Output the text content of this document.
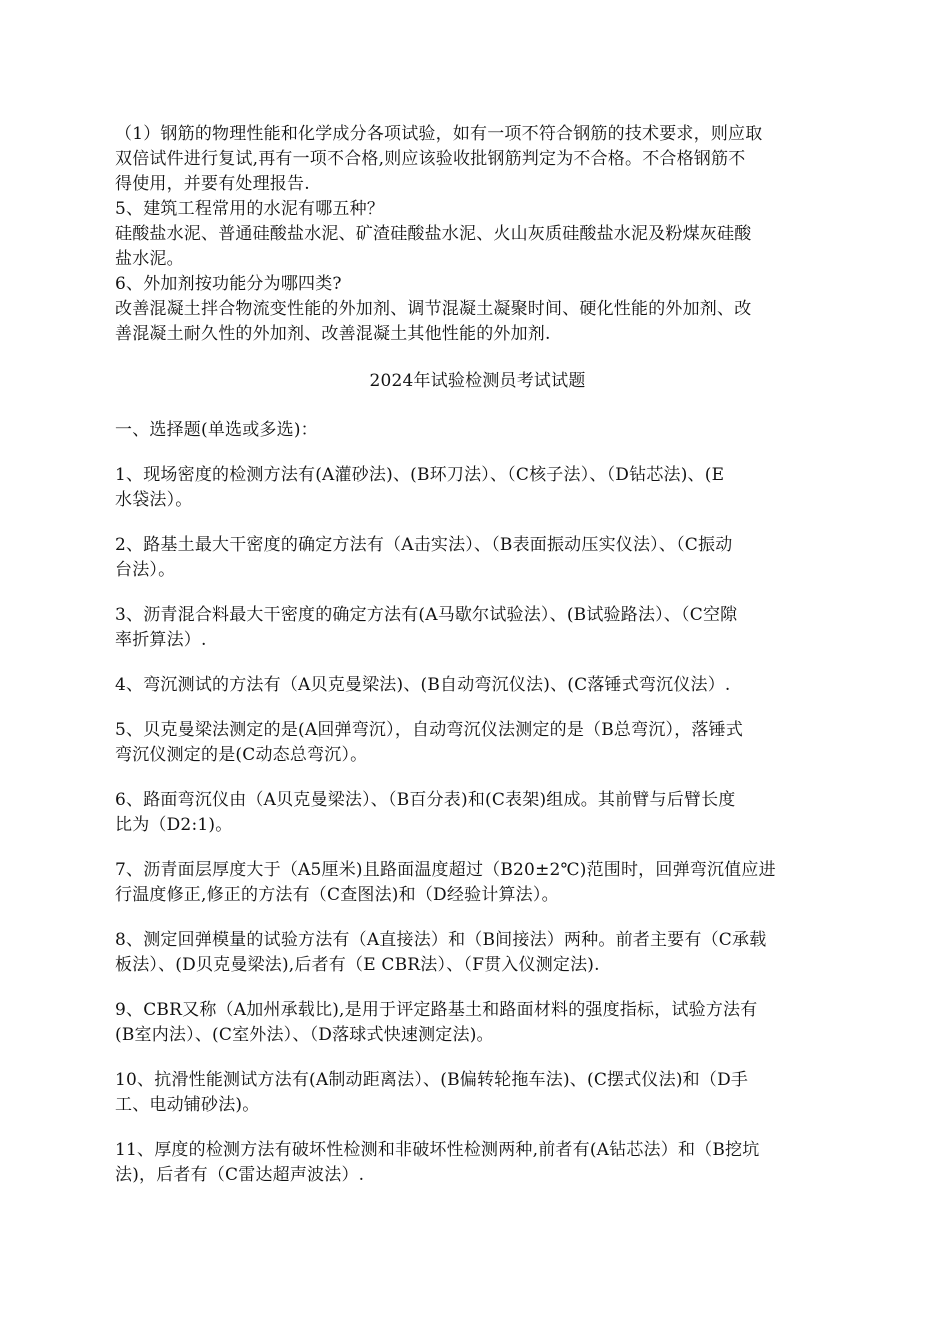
（1）钢筋的物理性能和化学成分各项试验，如有一项不符合钢筋的技术要求，则应取

双倍试件进行复试,再有一项不合格,则应该验收批钢筋判定为不合格。不合格钢筋不

得使用，并要有处理报告.

5、建筑工程常用的水泥有哪五种？

硅酸盐水泥、普通硅酸盐水泥、矿渣硅酸盐水泥、火山灰质硅酸盐水泥及粉煤灰硅酸

盐水泥。

6、外加剂按功能分为哪四类?

改善混凝土拌合物流变性能的外加剂、调节混凝土凝聚时间、硬化性能的外加剂、改

善混凝土耐久性的外加剂、改善混凝土其他性能的外加剂.

2024年试验检测员考试试题

一、选择题(单选或多选)：

1、现场密度的检测方法有(A灌砂法)、(B环刀法）、（C核子法）、（D钻芯法)、(E

水袋法）。

2、路基土最大干密度的确定方法有（A击实法）、（B表面振动压实仪法）、（C振动

台法）。

3、沥青混合料最大干密度的确定方法有(A马歇尔试验法）、(B试验路法）、（C空隙

率折算法）.

4、弯沉测试的方法有（A贝克曼梁法)、(B自动弯沉仪法)、(C落锤式弯沉仪法）.

5、贝克曼梁法测定的是(A回弹弯沉），自动弯沉仪法测定的是（B总弯沉），落锤式

弯沉仪测定的是(C动态总弯沉）。

6、路面弯沉仪由（A贝克曼梁法）、（B百分表)和(C表架)组成。其前臂与后臂长度

比为（D2:1)。

7、沥青面层厚度大于（A5厘米)且路面温度超过（B20±2℃)范围时，回弹弯沉值应进

行温度修正,修正的方法有（C查图法)和（D经验计算法）。

8、测定回弹模量的试验方法有（A直接法）和（B间接法）两种。前者主要有（C承载

板法）、(D贝克曼梁法),后者有（E CBR法）、（F贯入仪测定法).

9、CBR又称（A加州承载比),是用于评定路基土和路面材料的强度指标，试验方法有

(B室内法）、(C室外法）、（D落球式快速测定法)。

10、抗滑性能测试方法有(A制动距离法）、(B偏转轮拖车法)、(C摆式仪法)和（D手

工、电动铺砂法)。

11、厚度的检测方法有破坏性检测和非破坏性检测两种,前者有(A钻芯法）和（B挖坑

法)，后者有（C雷达超声波法）.
